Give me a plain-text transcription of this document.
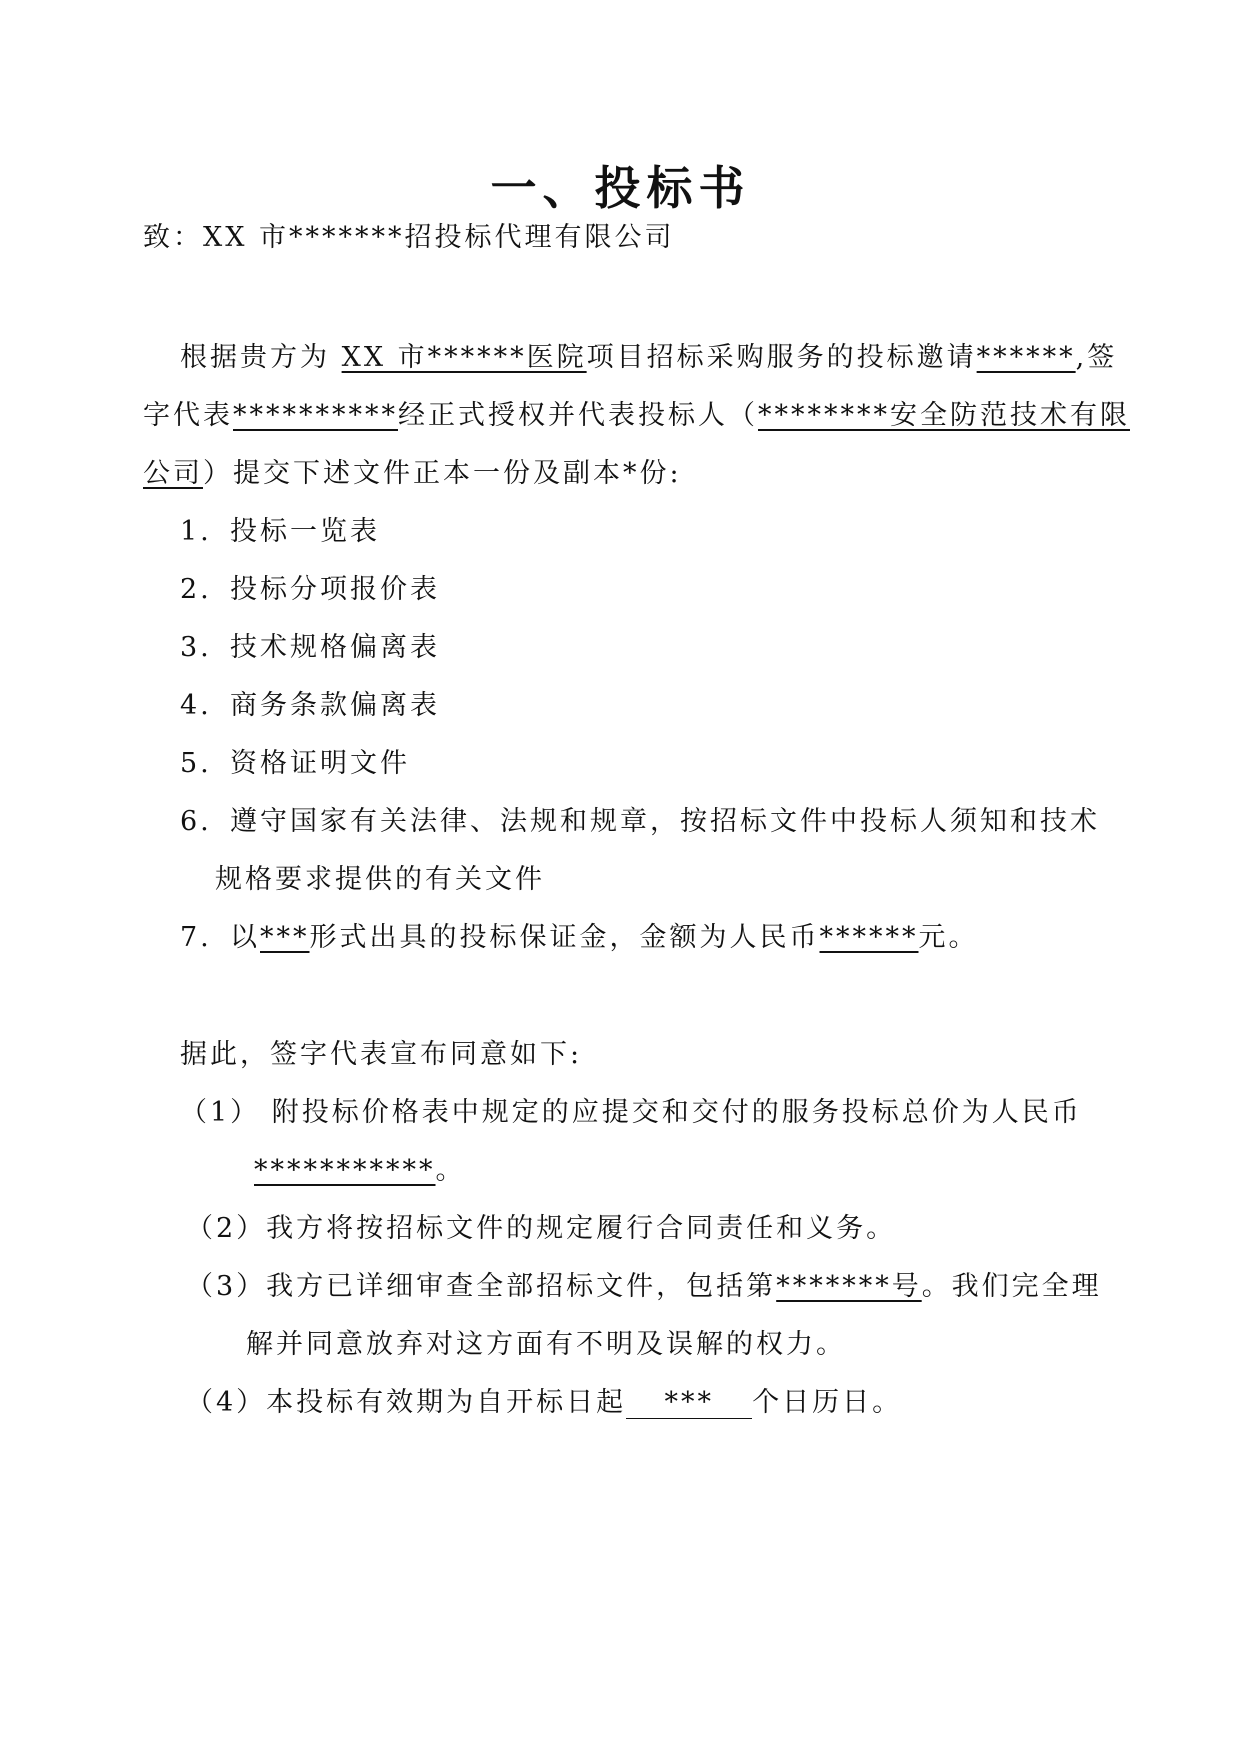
一、投标书
致：XX 市*******招投标代理有限公司
根据贵方为 XX 市******医院项目招标采购服务的投标邀请******,签
字代表**********经正式授权并代表投标人（********安全防范技术有限
公司）提交下述文件正本一份及副本*份:
1. 投标一览表
2. 投标分项报价表
3. 技术规格偏离表
4. 商务条款偏离表
5. 资格证明文件
6. 遵守国家有关法律、法规和规章，按招标文件中投标人须知和技术
规格要求提供的有关文件
7. 以***形式出具的投标保证金，金额为人民币******元。
据此，签字代表宣布同意如下:
（1） 附投标价格表中规定的应提交和交付的服务投标总价为人民币
***********。
（2）我方将按招标文件的规定履行合同责任和义务。
（3）我方已详细审查全部招标文件，包括第*******号。我们完全理
解并同意放弃对这方面有不明及误解的权力。
（4）本投标有效期为自开标日起 *** 个日历日。
